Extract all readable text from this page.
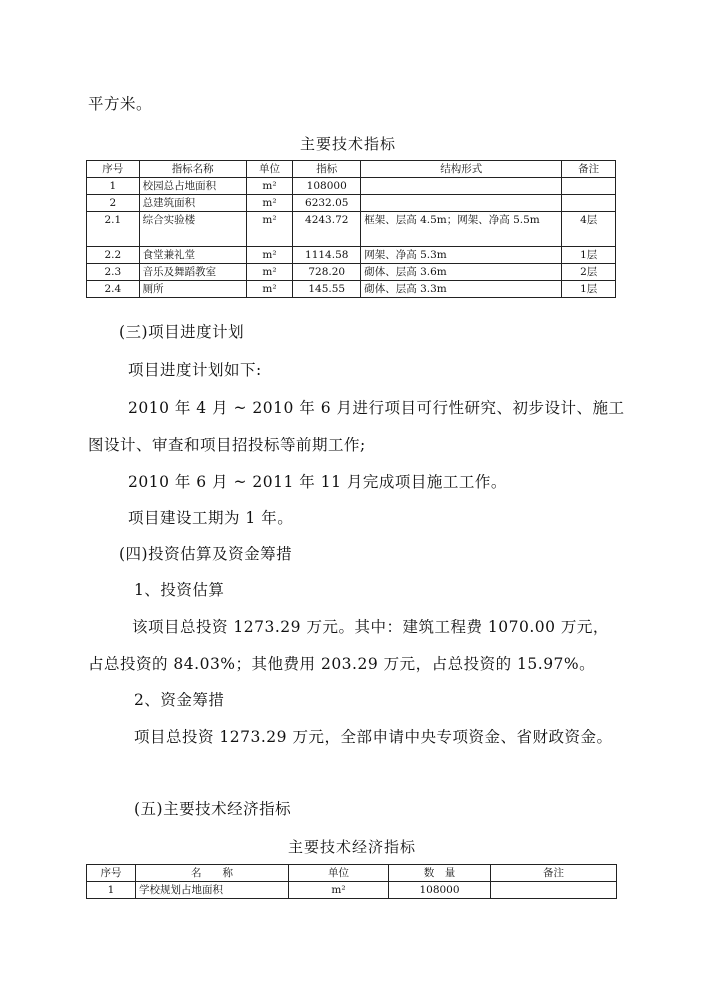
平方米。
主要技术指标
序号	指标名称	单位	指标	结构形式	备注
1	校园总占地面积	m²	108000		
2	总建筑面积	m²	6232.05		
2.1	综合实验楼	m²	4243.72	框架、层高 4.5m；网架、净高 5.5m	4层
2.2	食堂兼礼堂	m²	1114.58	网架、净高 5.3m	1层
2.3	音乐及舞蹈教室	m²	728.20	砌体、层高 3.6m	2层
2.4	厕所	m²	145.55	砌体、层高 3.3m	1层
(三)项目进度计划
项目进度计划如下:
2010 年 4 月 ~ 2010 年 6 月进行项目可行性研究、初步设计、施工
图设计、审查和项目招投标等前期工作;
2010 年 6 月 ~ 2011 年 11 月完成项目施工工作。
项目建设工期为 1 年。
(四)投资估算及资金筹措
1、投资估算
该项目总投资 1273.29 万元。其中：建筑工程费 1070.00 万元，
占总投资的 84.03%；其他费用 203.29 万元，占总投资的 15.97%。
2、资金筹措
项目总投资 1273.29 万元，全部申请中央专项资金、省财政资金。
(五)主要技术经济指标
主要技术经济指标
序号	名　　称	单位	数　量	备注
1	学校规划占地面积	m²	108000	
